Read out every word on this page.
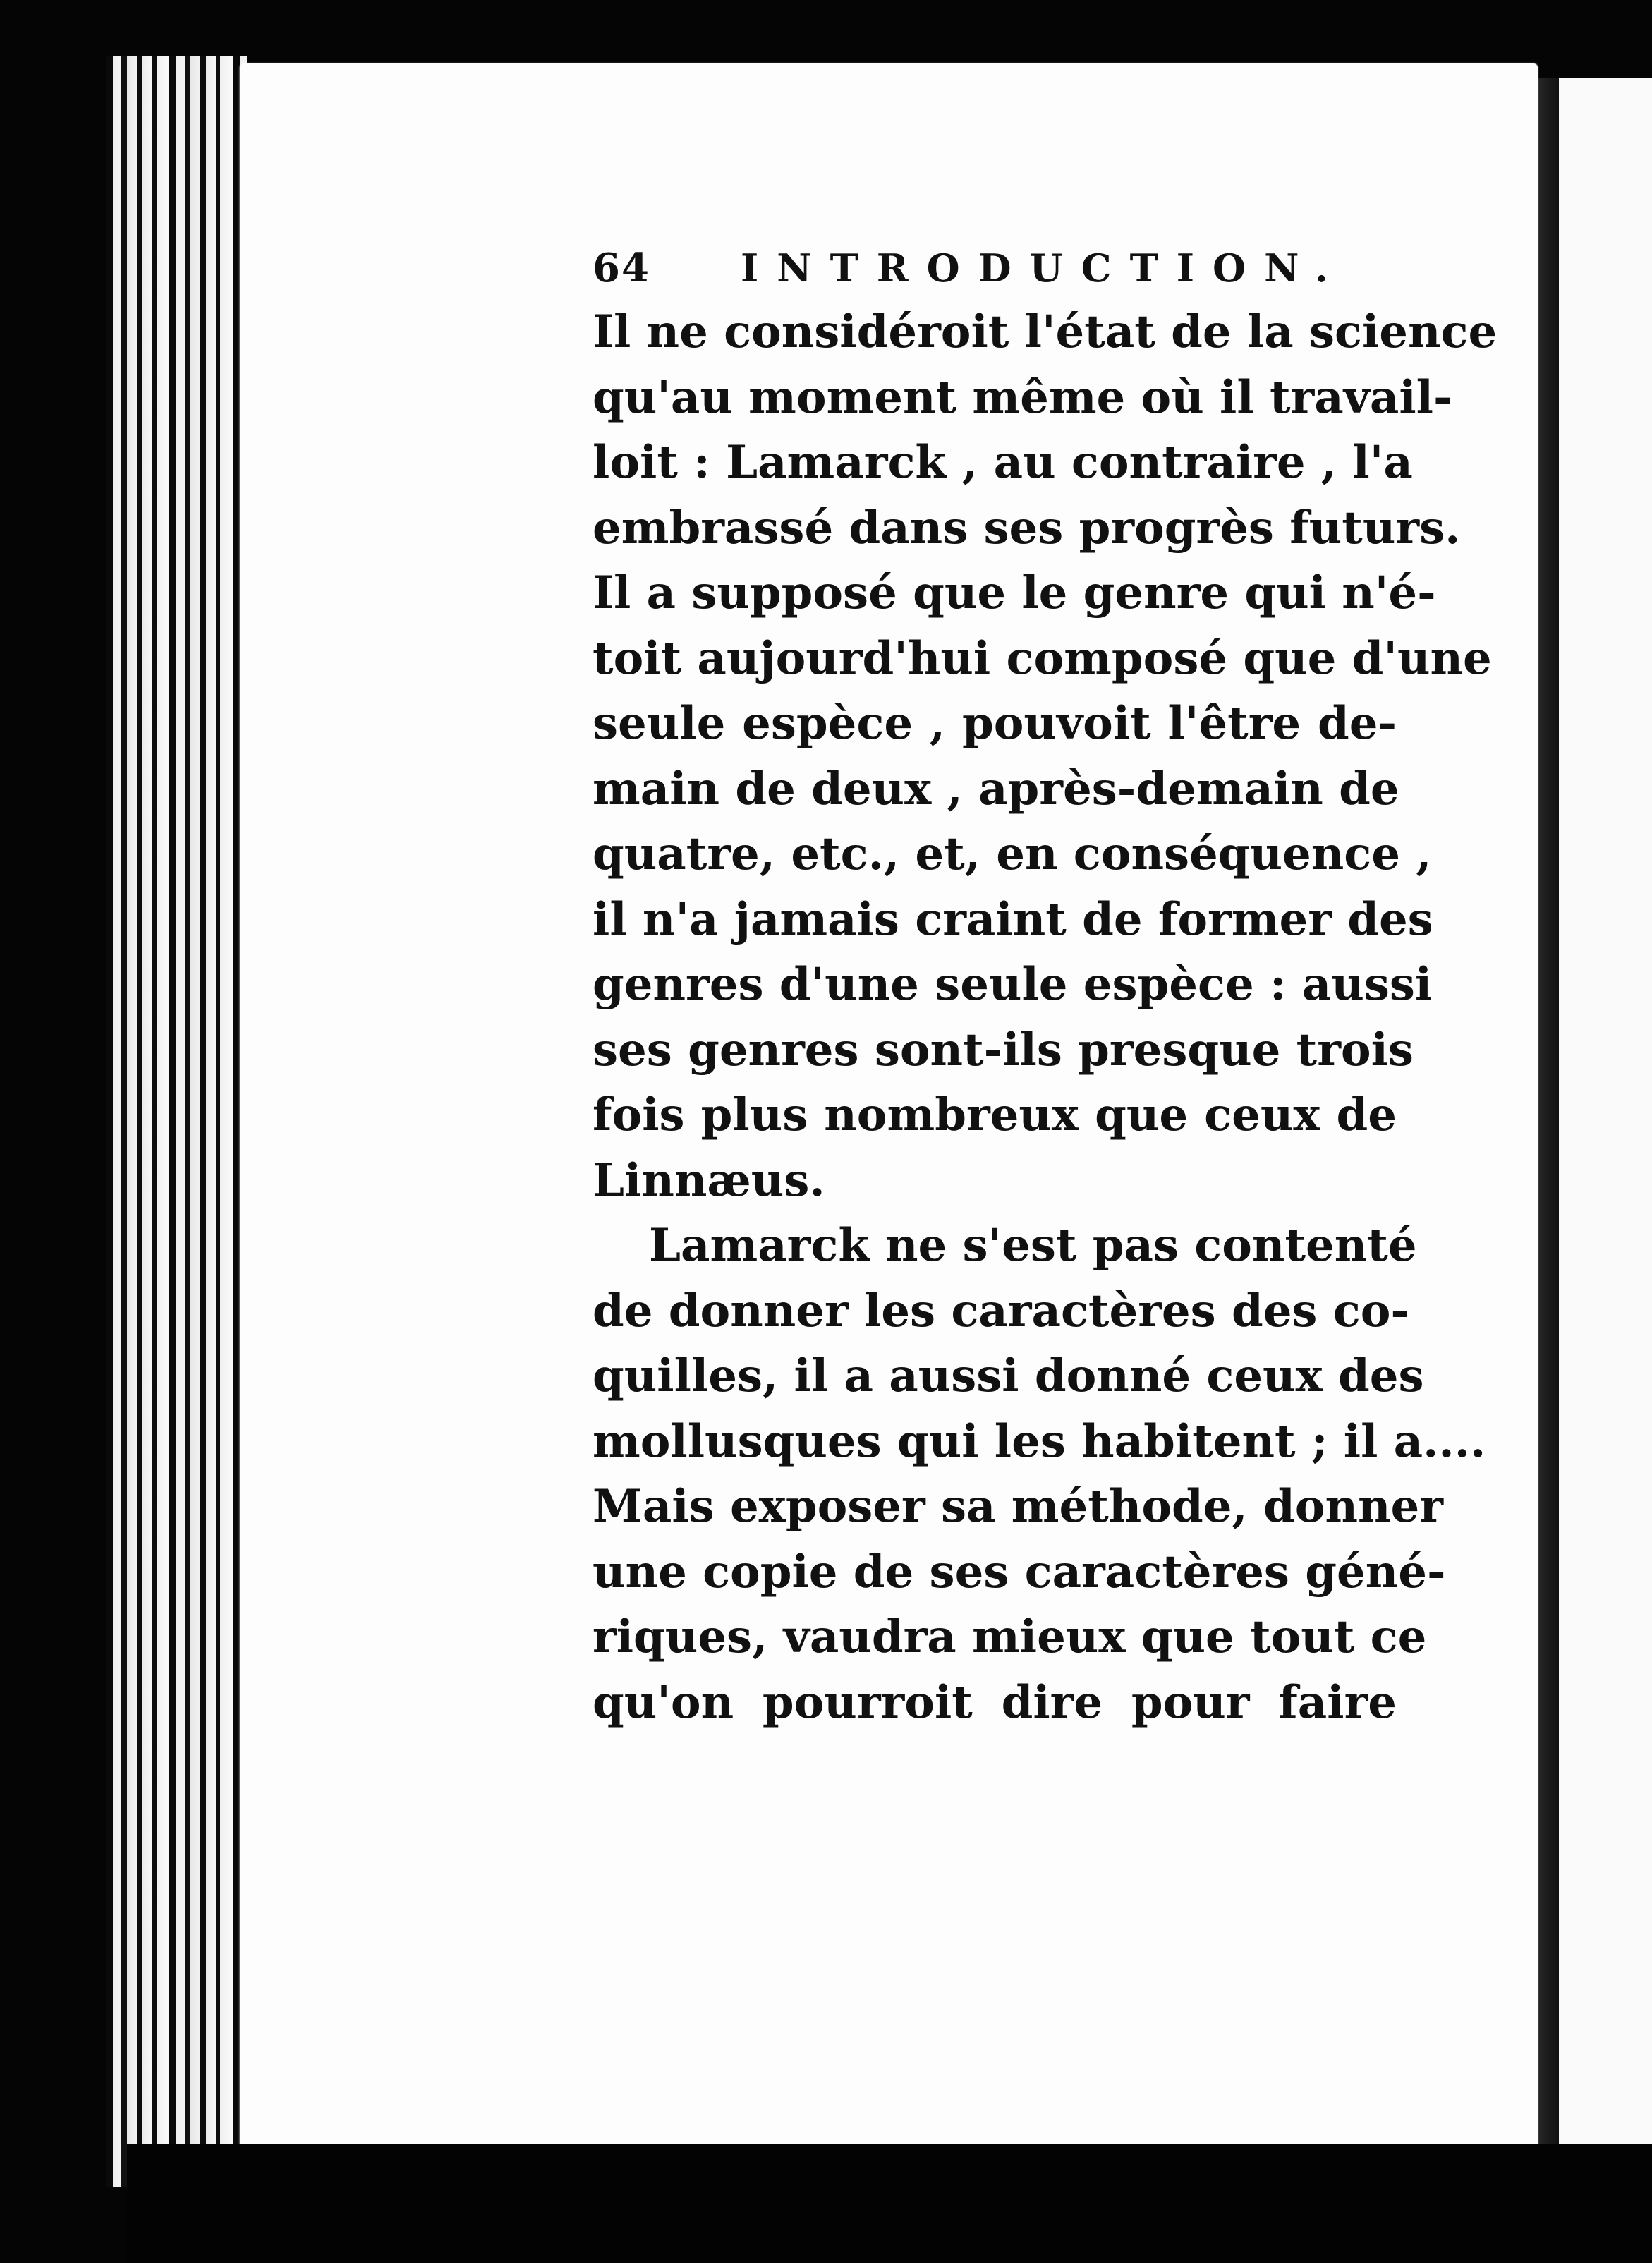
64 INTRODUCTION.
Il ne considéroit l'état de la science
qu'au moment même où il travail-
loit : Lamarck , au contraire , l'a
embrassé dans ses progrès futurs.
Il a supposé que le genre qui n'é-
toit aujourd'hui composé que d'une
seule espèce , pouvoit l'être de-
main de deux , après-demain de
quatre, etc., et, en conséquence ,
il n'a jamais craint de former des
genres d'une seule espèce : aussi
ses genres sont-ils presque trois
fois plus nombreux que ceux de
Linnæus.
Lamarck ne s'est pas contenté
de donner les caractères des co-
quilles, il a aussi donné ceux des
mollusques qui les habitent ; il a....
Mais exposer sa méthode, donner
une copie de ses caractères géné-
riques, vaudra mieux que tout ce
qu'on pourroit dire pour faire
